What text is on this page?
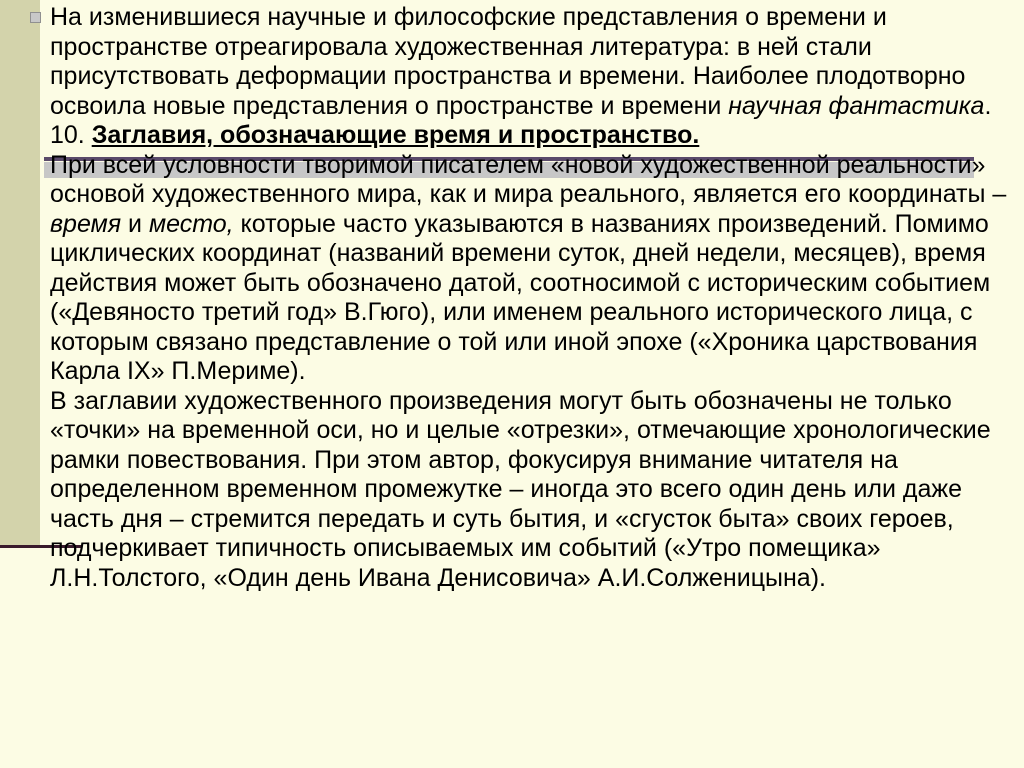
На изменившиеся научные и философские представления о времени и пространстве отреагировала художественная литература: в ней стали присутствовать деформации пространства и времени. Наиболее плодотворно освоила новые представления о пространстве и времени научная фантастика.

10. Заглавия, обозначающие время и пространство.

При всей условности творимой писателем «новой художественной реальности» основой художественного мира, как и мира реального, является его координаты – время и место, которые часто указываются в названиях произведений. Помимо циклических координат (названий времени суток, дней недели, месяцев), время действия может быть обозначено датой, соотносимой с историческим событием («Девяносто третий год» В.Гюго), или именем реального исторического лица, с которым связано представление о той или иной эпохе («Хроника царствования Карла IX» П.Мериме).

В заглавии художественного произведения могут быть обозначены не только «точки» на временной оси, но и целые «отрезки», отмечающие хронологические рамки повествования. При этом автор, фокусируя внимание читателя на определенном временном промежутке – иногда это всего один день или даже часть дня – стремится передать и суть бытия, и «сгусток быта» своих героев, подчеркивает типичность описываемых им событий («Утро помещика» Л.Н.Толстого, «Один день Ивана Денисовича» А.И.Солженицына).
